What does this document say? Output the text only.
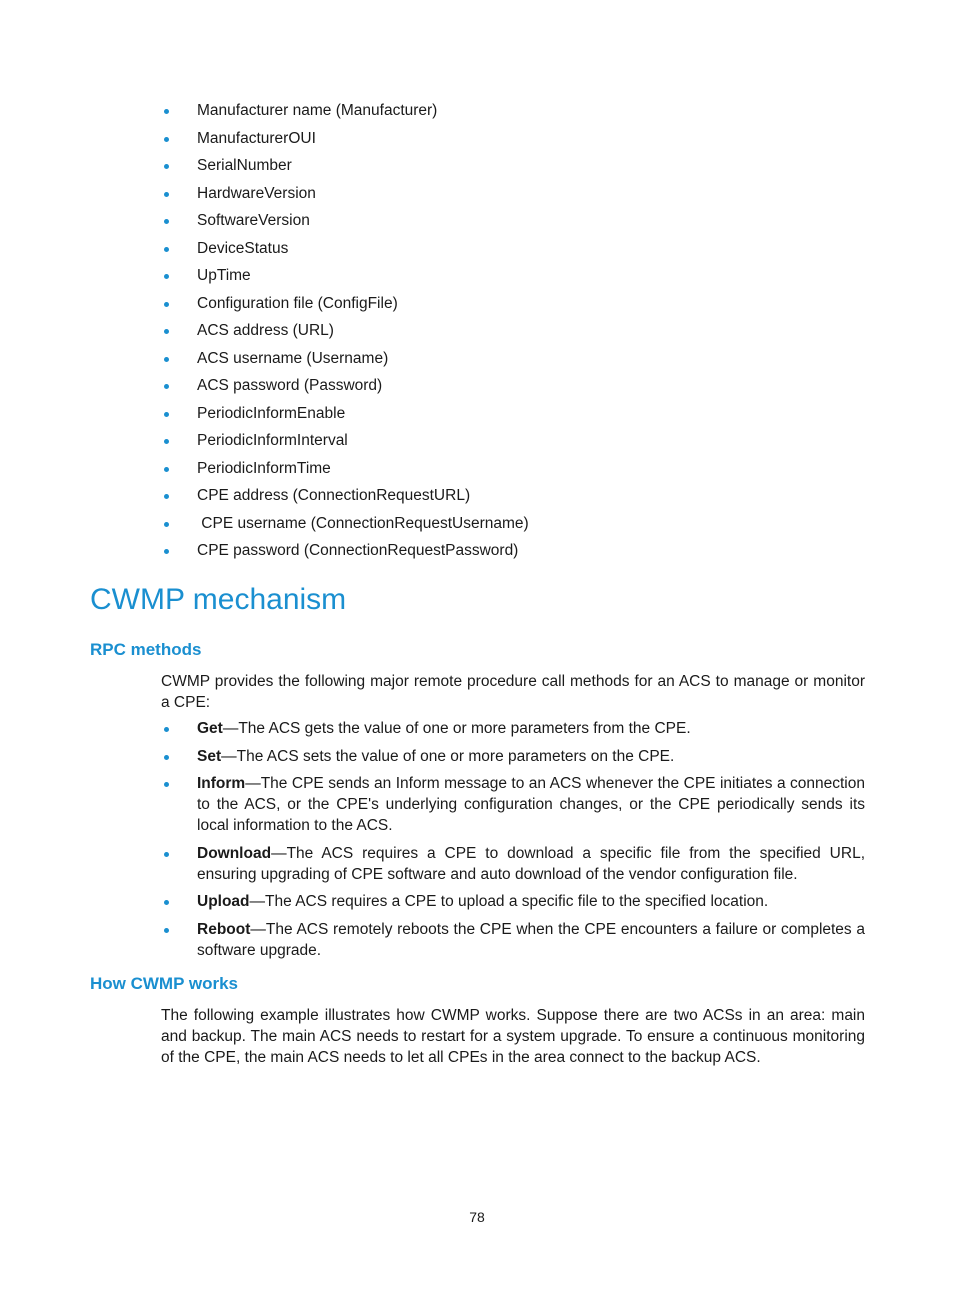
Manufacturer name (Manufacturer)
ManufacturerOUI
SerialNumber
HardwareVersion
SoftwareVersion
DeviceStatus
UpTime
Configuration file (ConfigFile)
ACS address (URL)
ACS username (Username)
ACS password (Password)
PeriodicInformEnable
PeriodicInformInterval
PeriodicInformTime
CPE address (ConnectionRequestURL)
CPE username (ConnectionRequestUsername)
CPE password (ConnectionRequestPassword)
CWMP mechanism
RPC methods

CWMP provides the following major remote procedure call methods for an ACS to manage or monitor a CPE:

Get—The ACS gets the value of one or more parameters from the CPE.
Set—The ACS sets the value of one or more parameters on the CPE.
Inform—The CPE sends an Inform message to an ACS whenever the CPE initiates a connection to the ACS, or the CPE's underlying configuration changes, or the CPE periodically sends its local information to the ACS.
Download—The ACS requires a CPE to download a specific file from the specified URL, ensuring upgrading of CPE software and auto download of the vendor configuration file.
Upload—The ACS requires a CPE to upload a specific file to the specified location.
Reboot—The ACS remotely reboots the CPE when the CPE encounters a failure or completes a software upgrade.
How CWMP works

The following example illustrates how CWMP works. Suppose there are two ACSs in an area: main and backup. The main ACS needs to restart for a system upgrade. To ensure a continuous monitoring of the CPE, the main ACS needs to let all CPEs in the area connect to the backup ACS.

78
